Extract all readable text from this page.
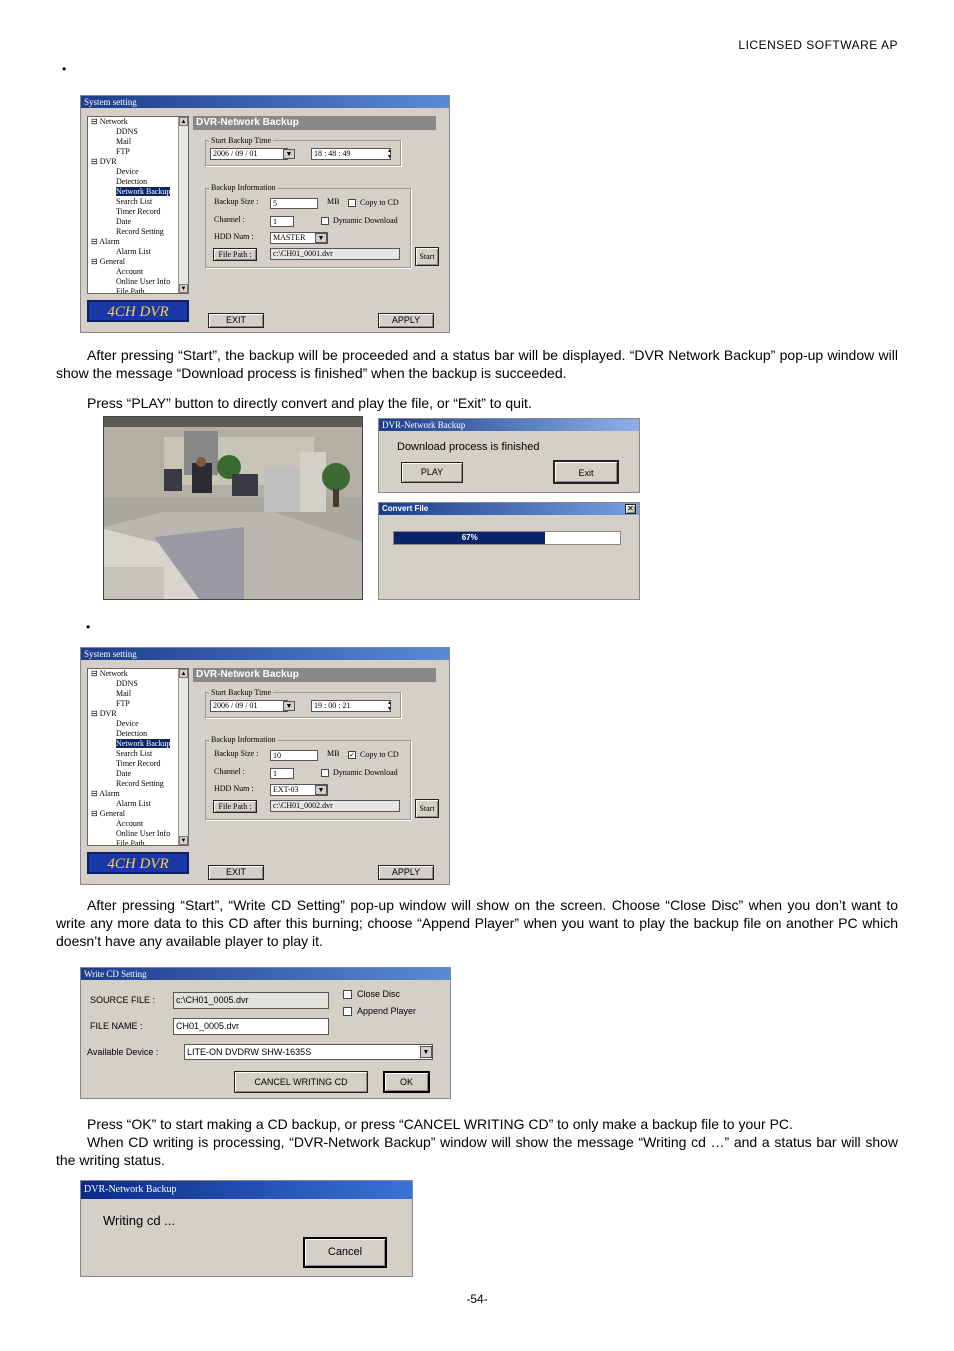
LICENSED SOFTWARE AP
•
System setting
⊟ Network
DDNS
Mail
FTP
⊟ DVR
Device
Detection
Network Backup
Search List
Timer Record
Date
Record Setting
⊟ Alarm
Alarm List
⊟ General
Account
Online User Info
File Path
▲
▼
4CH DVR
DVR-Network Backup
Start Backup Time
2006 / 09 / 01	▼	18 : 48 : 49	▲
▼
Backup Information
Backup Size :	5	MB	Copy to CD
Channel :	1	Dynamic Download
HDD Num :	MASTER	▼
File Path :	c:\CH01_0001.dvr	Start
EXIT	APPLY
After pressing “Start”, the backup will be proceeded and a status bar will be displayed. “DVR Network Backup” pop-up window will show the message “Download process is finished” when the backup is succeeded.
Press “PLAY” button to directly convert and play the file, or “Exit” to quit.
DVR-Network Backup
Download process is finished
PLAY	Exit
Convert File	✕
67%
•
System setting
⊟ Network
DDNS
Mail
FTP
⊟ DVR
Device
Detection
Network Backup
Search List
Timer Record
Date
Record Setting
⊟ Alarm
Alarm List
⊟ General
Account
Online User Info
File Path
▲
▼
4CH DVR
DVR-Network Backup
Start Backup Time
2006 / 09 / 01	▼	19 : 00 : 21	▲
▼
Backup Information
Backup Size :	10	MB ✓ Copy to CD
Channel :	1	Dynamic Download
HDD Num :	EXT-03	▼
File Path :	c:\CH01_0002.dvr	Start
EXIT	APPLY
After pressing “Start”, “Write CD Setting” pop-up window will show on the screen. Choose “Close Disc” when you don’t want to write any more data to this CD after this burning; choose “Append Player” when you want to play the backup file on another PC which doesn’t have any available player to play it.
Write CD Setting
SOURCE FILE :	c:\CH01_0005.dvr
FILE NAME :	CH01_0005.dvr
Close Disc
Append Player
Available Device :	LITE-ON DVDRW SHW-1635S	▼
CANCEL WRITING CD	OK
Press “OK” to start making a CD backup, or press “CANCEL WRITING CD” to only make a backup file to your PC.
When CD writing is processing, “DVR-Network Backup” window will show the message “Writing cd …” and a status bar will show the writing status.
DVR-Network Backup
Writing cd ...
Cancel
-54-
